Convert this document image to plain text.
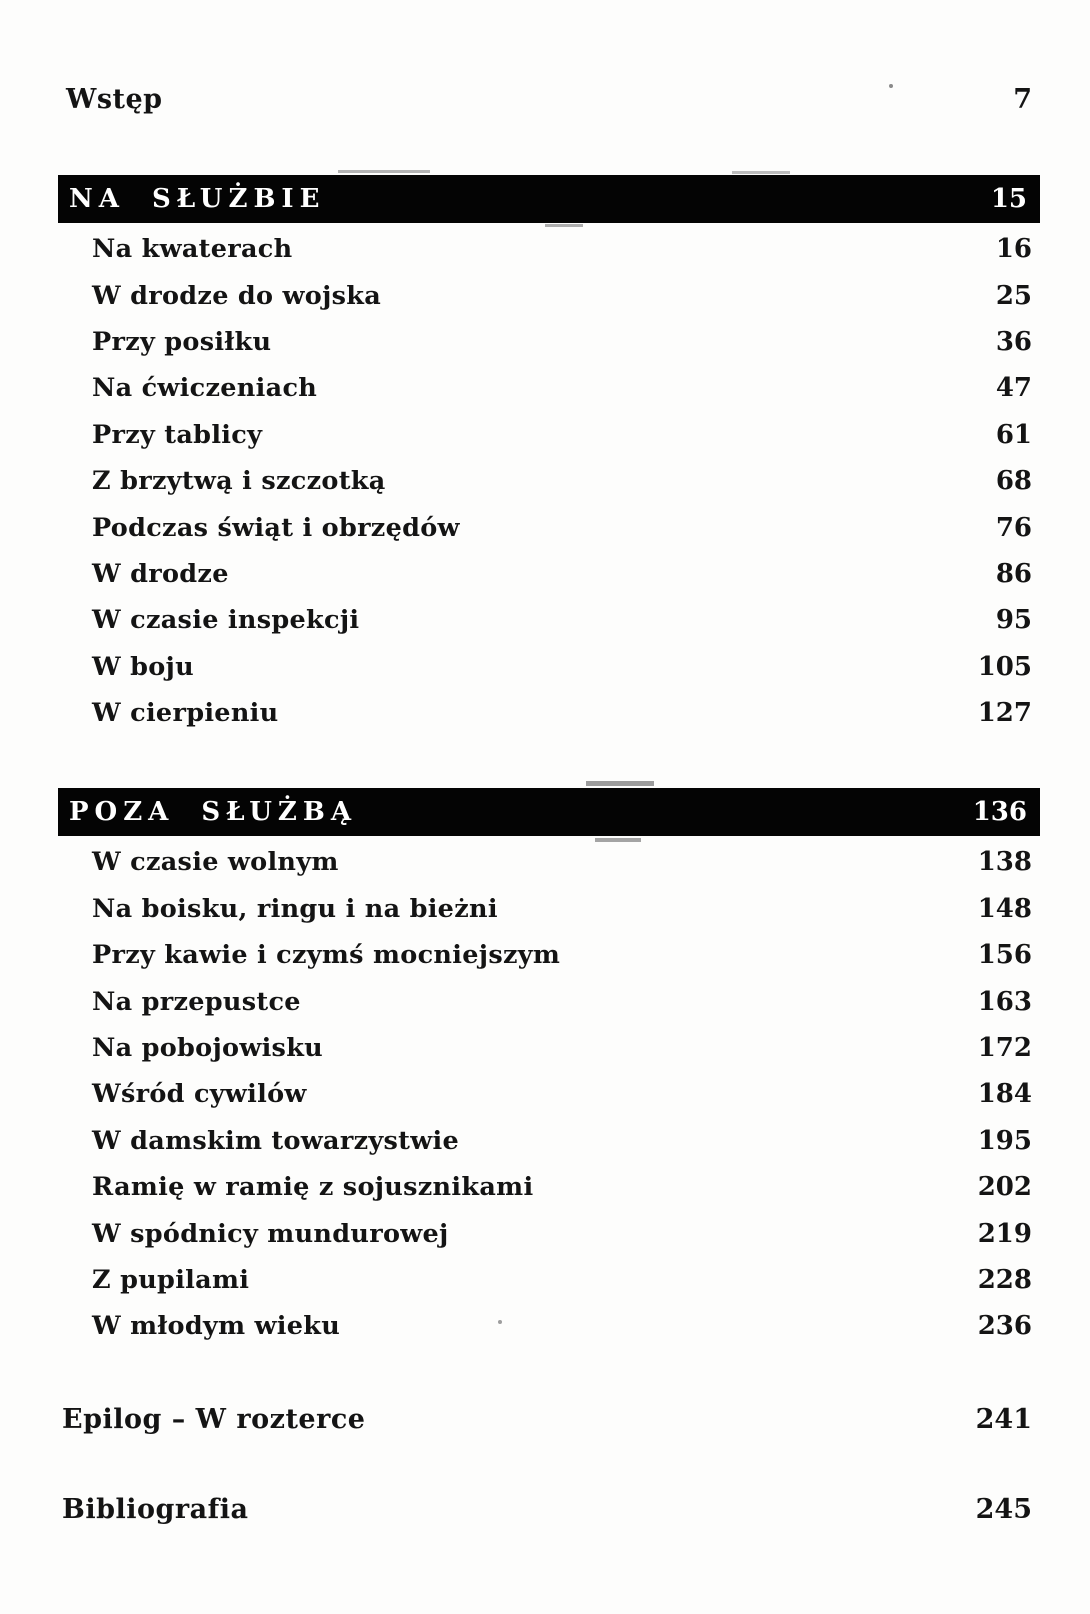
Wstęp	7
NA SŁUŻBIE	15
Na kwaterach	16
W drodze do wojska	25
Przy posiłku	36
Na ćwiczeniach	47
Przy tablicy	61
Z brzytwą i szczotką	68
Podczas świąt i obrzędów	76
W drodze	86
W czasie inspekcji	95
W boju	105
W cierpieniu	127
POZA SŁUŻBĄ	136
W czasie wolnym	138
Na boisku, ringu i na bieżni	148
Przy kawie i czymś mocniejszym	156
Na przepustce	163
Na pobojowisku	172
Wśród cywilów	184
W damskim towarzystwie	195
Ramię w ramię z sojusznikami	202
W spódnicy mundurowej	219
Z pupilami	228
W młodym wieku	236
Epilog – W rozterce	241
Bibliografia	245
